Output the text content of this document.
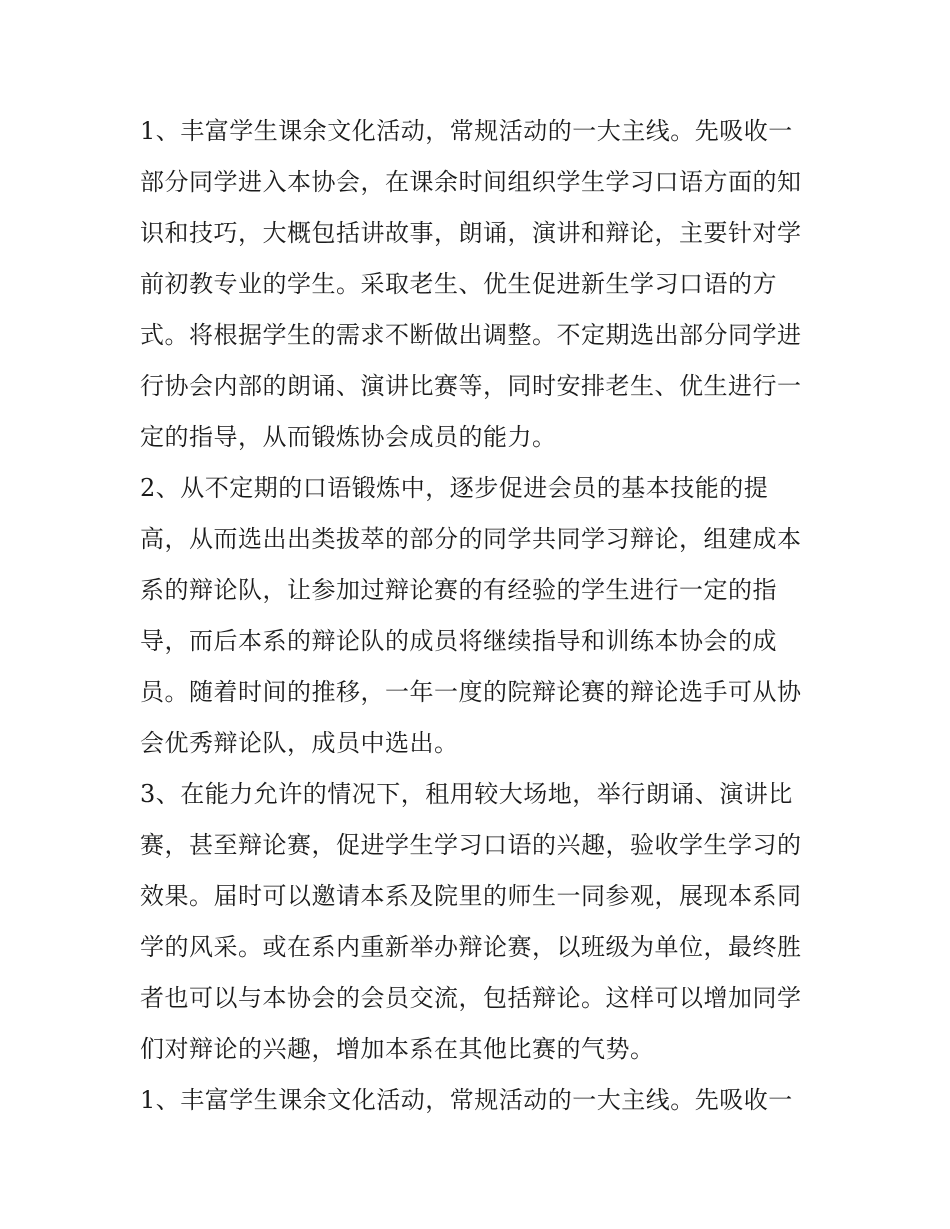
1、丰富学生课余文化活动，常规活动的一大主线。先吸收一
部分同学进入本协会，在课余时间组织学生学习口语方面的知
识和技巧，大概包括讲故事，朗诵，演讲和辩论，主要针对学
前初教专业的学生。采取老生、优生促进新生学习口语的方
式。将根据学生的需求不断做出调整。不定期选出部分同学进
行协会内部的朗诵、演讲比赛等，同时安排老生、优生进行一
定的指导，从而锻炼协会成员的能力。
2、从不定期的口语锻炼中，逐步促进会员的基本技能的提
高，从而选出出类拔萃的部分的同学共同学习辩论，组建成本
系的辩论队，让参加过辩论赛的有经验的学生进行一定的指
导，而后本系的辩论队的成员将继续指导和训练本协会的成
员。随着时间的推移，一年一度的院辩论赛的辩论选手可从协
会优秀辩论队，成员中选出。
3、在能力允许的情况下，租用较大场地，举行朗诵、演讲比
赛，甚至辩论赛，促进学生学习口语的兴趣，验收学生学习的
效果。届时可以邀请本系及院里的师生一同参观，展现本系同
学的风采。或在系内重新举办辩论赛，以班级为单位，最终胜
者也可以与本协会的会员交流，包括辩论。这样可以增加同学
们对辩论的兴趣，增加本系在其他比赛的气势。
1、丰富学生课余文化活动，常规活动的一大主线。先吸收一
